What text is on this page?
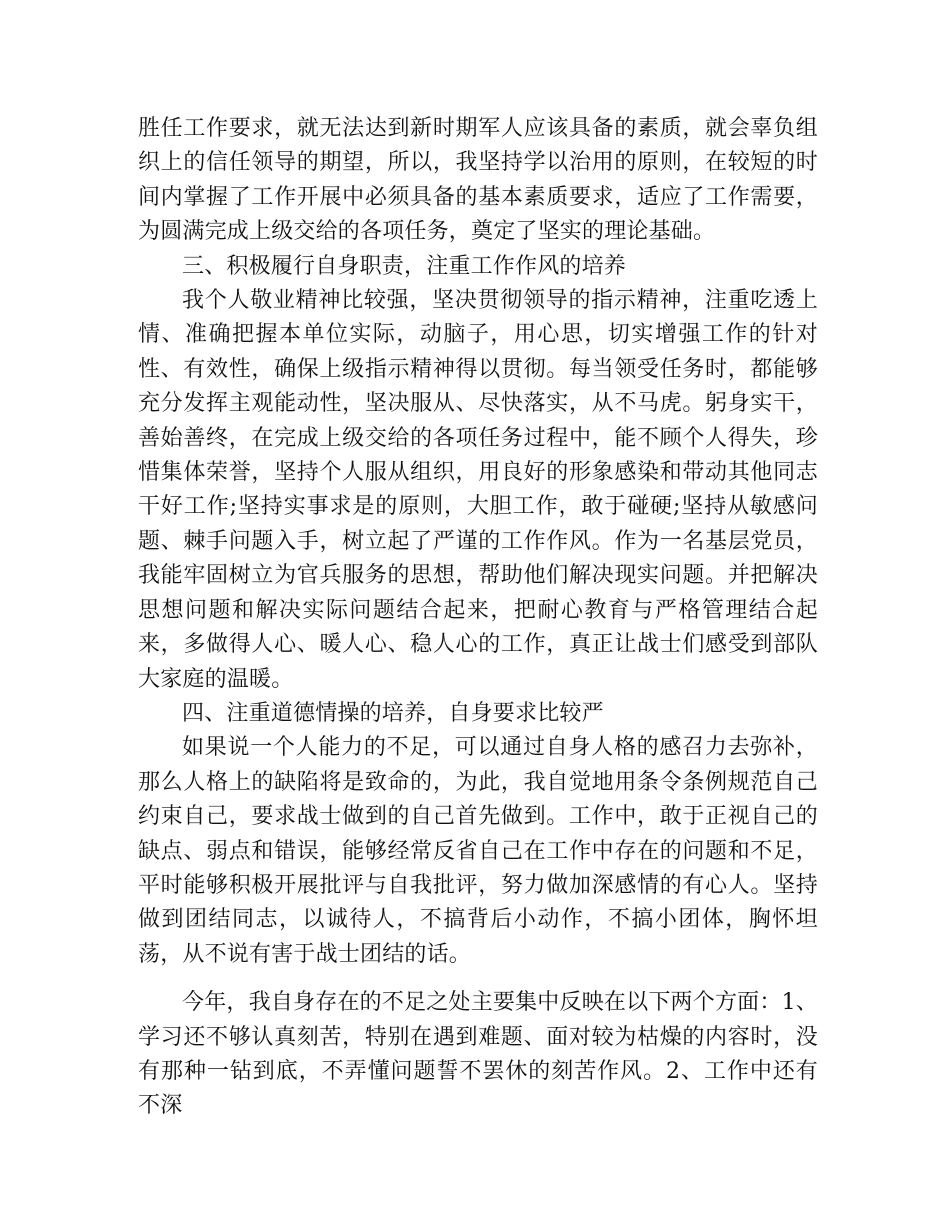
胜任工作要求，就无法达到新时期军人应该具备的素质，就会辜负组织上的信任领导的期望，所以，我坚持学以治用的原则，在较短的时间内掌握了工作开展中必须具备的基本素质要求，适应了工作需要，为圆满完成上级交给的各项任务，奠定了坚实的理论基础。

三、积极履行自身职责，注重工作作风的培养

我个人敬业精神比较强，坚决贯彻领导的指示精神，注重吃透上情、准确把握本单位实际，动脑子，用心思，切实增强工作的针对性、有效性，确保上级指示精神得以贯彻。每当领受任务时，都能够充分发挥主观能动性，坚决服从、尽快落实，从不马虎。躬身实干，善始善终，在完成上级交给的各项任务过程中，能不顾个人得失，珍惜集体荣誉，坚持个人服从组织，用良好的形象感染和带动其他同志干好工作;坚持实事求是的原则，大胆工作，敢于碰硬;坚持从敏感问题、棘手问题入手，树立起了严谨的工作作风。作为一名基层党员，我能牢固树立为官兵服务的思想，帮助他们解决现实问题。并把解决思想问题和解决实际问题结合起来，把耐心教育与严格管理结合起来，多做得人心、暖人心、稳人心的工作，真正让战士们感受到部队大家庭的温暖。

四、注重道德情操的培养，自身要求比较严

如果说一个人能力的不足，可以通过自身人格的感召力去弥补，那么人格上的缺陷将是致命的，为此，我自觉地用条令条例规范自己约束自己，要求战士做到的自己首先做到。工作中，敢于正视自己的缺点、弱点和错误，能够经常反省自己在工作中存在的问题和不足，平时能够积极开展批评与自我批评，努力做加深感情的有心人。坚持做到团结同志，以诚待人，不搞背后小动作，不搞小团体，胸怀坦荡，从不说有害于战士团结的话。

今年，我自身存在的不足之处主要集中反映在以下两个方面：1、学习还不够认真刻苦，特别在遇到难题、面对较为枯燥的内容时，没有那种一钻到底，不弄懂问题誓不罢休的刻苦作风。2、工作中还有不深
